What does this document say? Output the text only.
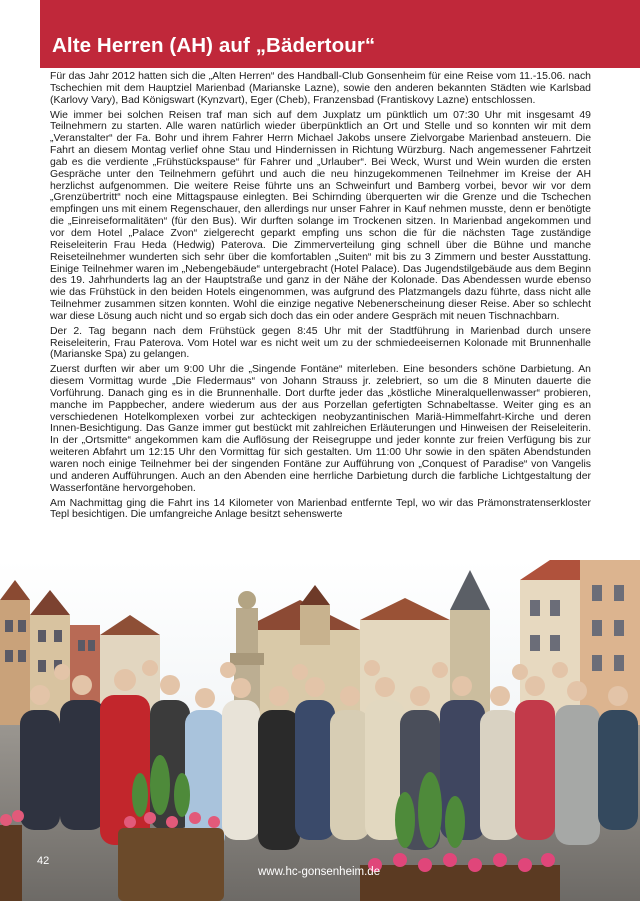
Alte Herren (AH) auf „Bädertour“

Für das Jahr 2012 hatten sich die „Alten Herren“ des Handball-Club Gonsenheim für eine Reise vom 11.-15.06. nach Tschechien mit dem Hauptziel Marienbad (Marianske Lazne), sowie den anderen bekannten Städten wie Karlsbad (Karlovy Vary), Bad Königswart (Kynzvart), Eger (Cheb), Franzensbad (Frantiskovy Lazne) entschlossen.

Wie immer bei solchen Reisen traf man sich auf dem Juxplatz um pünktlich um 07:30 Uhr mit insgesamt 49 Teilnehmern zu starten. Alle waren natürlich wieder überpünktlich an Ort und Stelle und so konnten wir mit dem „Veranstalter“ der Fa. Bohr und ihrem Fahrer Herrn Michael Jakobs unsere Zielvorgabe Marienbad ansteuern. Die Fahrt an diesem Montag verlief ohne Stau und Hindernissen in Richtung Würzburg. Nach angemessener Fahrtzeit gab es die verdiente „Frühstückspause“ für Fahrer und „Urlauber“. Bei Weck, Wurst und Wein wurden die ersten Gespräche unter den Teilnehmern geführt und auch die neu hinzugekommenen Teilnehmer im Kreise der AH herzlichst aufgenommen. Die weitere Reise führte uns an Schweinfurt und Bamberg vorbei, bevor wir vor dem „Grenzübertritt“ noch eine Mittagspause einlegten. Bei Schirnding überquerten wir die Grenze und die Tschechen empfingen uns mit einem Regenschauer, den allerdings nur unser Fahrer in Kauf nehmen musste, denn er benötigte die „Einreiseformalitäten“ (für den Bus). Wir durften solange im Trockenen sitzen. In Marienbad angekommen und vor dem Hotel „Palace Zvon“ zielgerecht geparkt empfing uns schon die für die nächsten Tage zuständige Reiseleiterin Frau Heda (Hedwig) Paterova. Die Zimmerverteilung ging schnell über die Bühne und manche Reiseteilnehmer wunderten sich sehr über die komfortablen „Suiten“ mit bis zu 3 Zimmern und bester Ausstattung. Einige Teilnehmer waren im „Nebengebäude“ untergebracht (Hotel Palace). Das Jugendstilgebäude aus dem Beginn des 19. Jahrhunderts lag an der Hauptstraße und ganz in der Nähe der Kolonade. Das Abendessen wurde ebenso wie das Frühstück in den beiden Hotels eingenommen, was aufgrund des Platzmangels dazu führte, dass nicht alle Teilnehmer zusammen sitzen konnten. Wohl die einzige negative Nebenerscheinung dieser Reise. Aber so schlecht war diese Lösung auch nicht und so ergab sich doch das ein oder andere Gespräch mit neuen Tischnachbarn.

Der 2. Tag begann nach dem Frühstück gegen 8:45 Uhr mit der Stadtführung in Marienbad durch unsere Reiseleiterin, Frau Paterova. Vom Hotel war es nicht weit um zu der schmiedeeisernen Kolonade mit Brunnenhalle (Marianske Spa) zu gelangen.

Zuerst durften wir aber um 9:00 Uhr die „Singende Fontäne“ miterleben. Eine besonders schöne Darbietung. An diesem Vormittag wurde „Die Fledermaus“ von Johann Strauss jr. zelebriert, so um die 8 Minuten dauerte die Vorführung. Danach ging es in die Brunnenhalle. Dort durfte jeder das „köstliche Mineralquellenwasser“ probieren, manche im Pappbecher, andere wiederum aus der aus Porzellan gefertigten Schnabeltasse. Weiter ging es an verschiedenen Hotelkomplexen vorbei zur achteckigen neobyzantinischen Mariä-Himmelfahrt-Kirche und deren Innen-Besichtigung. Das Ganze immer gut bestückt mit zahlreichen Erläuterungen und Hinweisen der Reiseleiterin. In der „Ortsmitte“ angekommen kam die Auflösung der Reisegruppe und jeder konnte zur freien Verfügung bis zur weiteren Abfahrt um 12:15 Uhr den Vormittag für sich gestalten. Um 11:00 Uhr sowie in den späten Abendstunden waren noch einige Teilnehmer bei der singenden Fontäne zur Aufführung von „Conquest of Paradise“ von Vangelis und anderen Aufführungen. Auch an den Abenden eine herrliche Darbietung durch die farbliche Lichtgestaltung der Wasserfontäne hervorgehoben.

Am Nachmittag ging die Fahrt ins 14 Kilometer von Marienbad entfernte Tepl, wo wir das Prämonstratenserkloster Tepl besichtigen. Die umfangreiche Anlage besitzt sehenswerte

42
www.hc-gonsenheim.de
